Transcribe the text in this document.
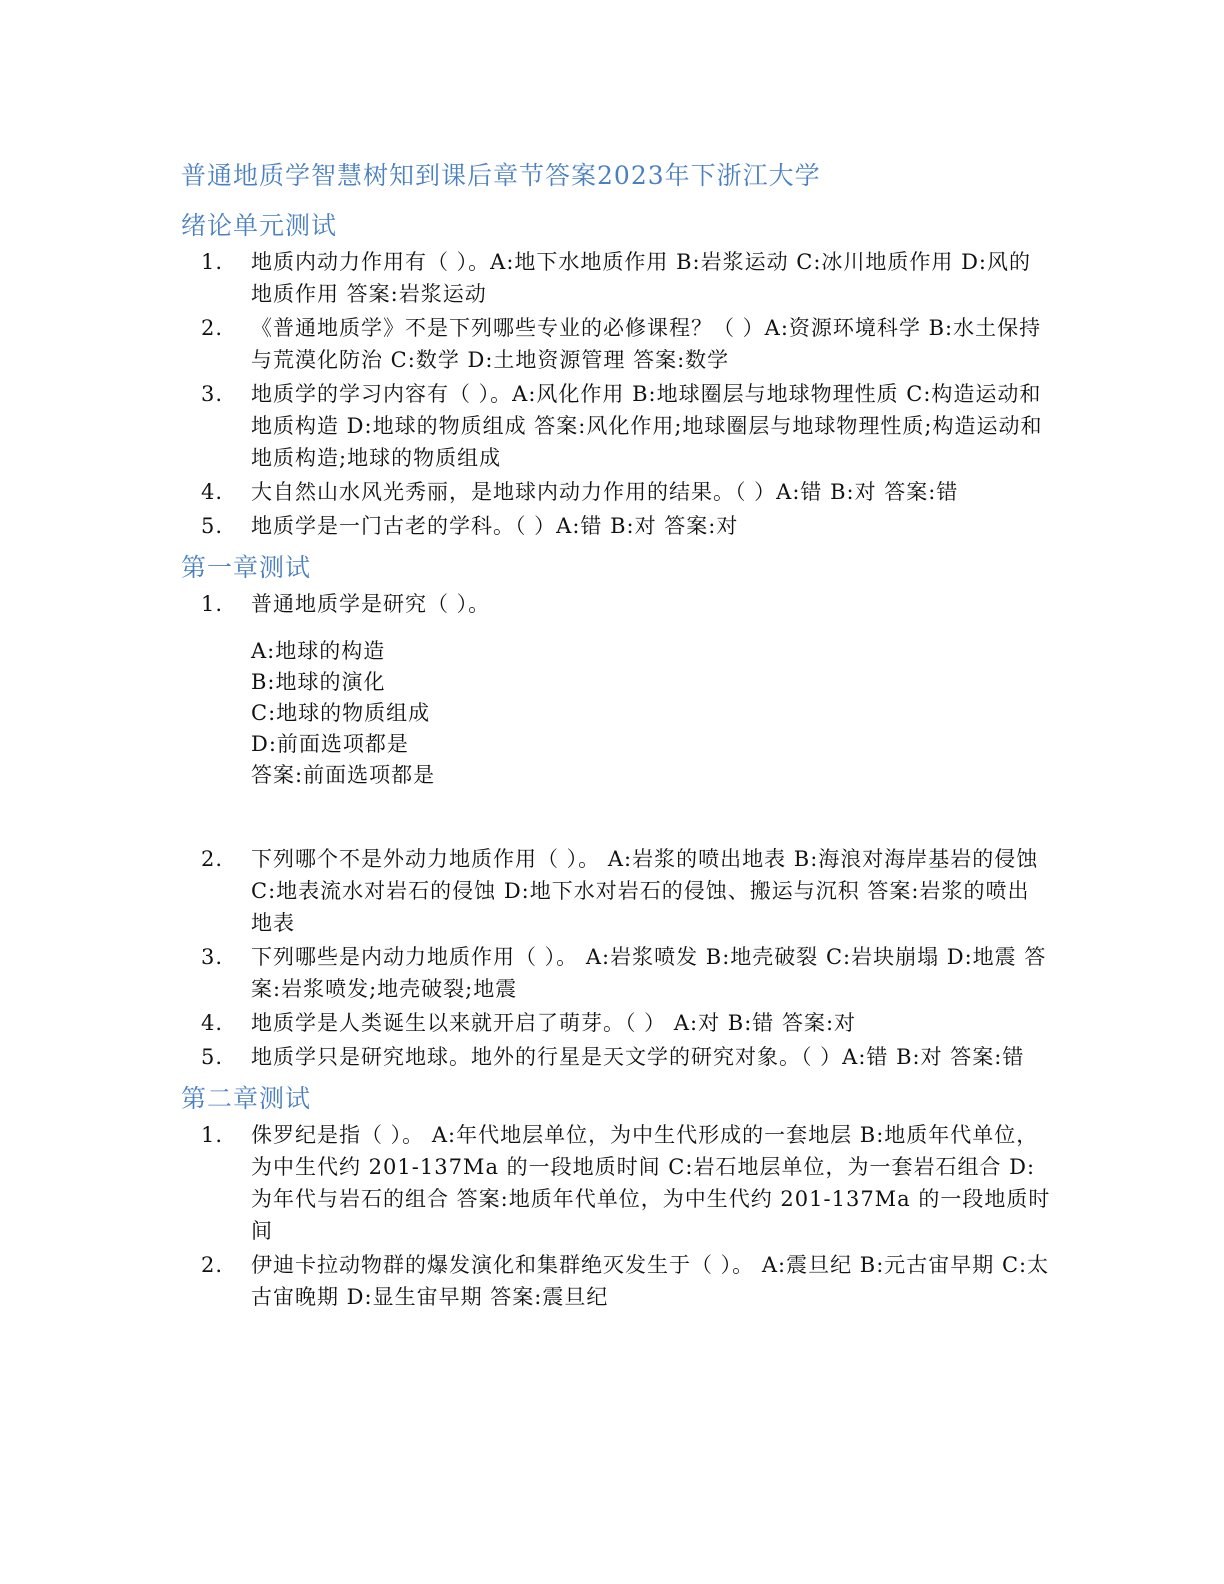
普通地质学智慧树知到课后章节答案2023年下浙江大学
绪论单元测试
1. 地质内动力作用有（ ）。A:地下水地质作用 B:岩浆运动 C:冰川地质作用 D:风的地质作用 答案:岩浆运动
2. 《普通地质学》不是下列哪些专业的必修课程？（ ）A:资源环境科学 B:水土保持与荒漠化防治 C:数学 D:土地资源管理 答案:数学
3. 地质学的学习内容有（ ）。A:风化作用 B:地球圈层与地球物理性质 C:构造运动和地质构造 D:地球的物质组成 答案:风化作用;地球圈层与地球物理性质;构造运动和地质构造;地球的物质组成
4. 大自然山水风光秀丽，是地球内动力作用的结果。（ ）A:错 B:对 答案:错
5. 地质学是一门古老的学科。（ ）A:错 B:对 答案:对
第一章测试
1. 普通地质学是研究（ ）。
A:地球的构造
B:地球的演化
C:地球的物质组成
D:前面选项都是
答案:前面选项都是
2. 下列哪个不是外动力地质作用（ ）。 A:岩浆的喷出地表 B:海浪对海岸基岩的侵蚀 C:地表流水对岩石的侵蚀 D:地下水对岩石的侵蚀、搬运与沉积 答案:岩浆的喷出地表
3. 下列哪些是内动力地质作用（ ）。 A:岩浆喷发 B:地壳破裂 C:岩块崩塌 D:地震 答案:岩浆喷发;地壳破裂;地震
4. 地质学是人类诞生以来就开启了萌芽。（ ） A:对 B:错 答案:对
5. 地质学只是研究地球。地外的行星是天文学的研究对象。（ ）A:错 B:对 答案:错
第二章测试
1. 侏罗纪是指（ ）。 A:年代地层单位，为中生代形成的一套地层 B:地质年代单位，为中生代约 201-137Ma 的一段地质时间 C:岩石地层单位，为一套岩石组合 D:为年代与岩石的组合 答案:地质年代单位，为中生代约 201-137Ma 的一段地质时间
2. 伊迪卡拉动物群的爆发演化和集群绝灭发生于（ ）。 A:震旦纪 B:元古宙早期 C:太古宙晚期 D:显生宙早期 答案:震旦纪
